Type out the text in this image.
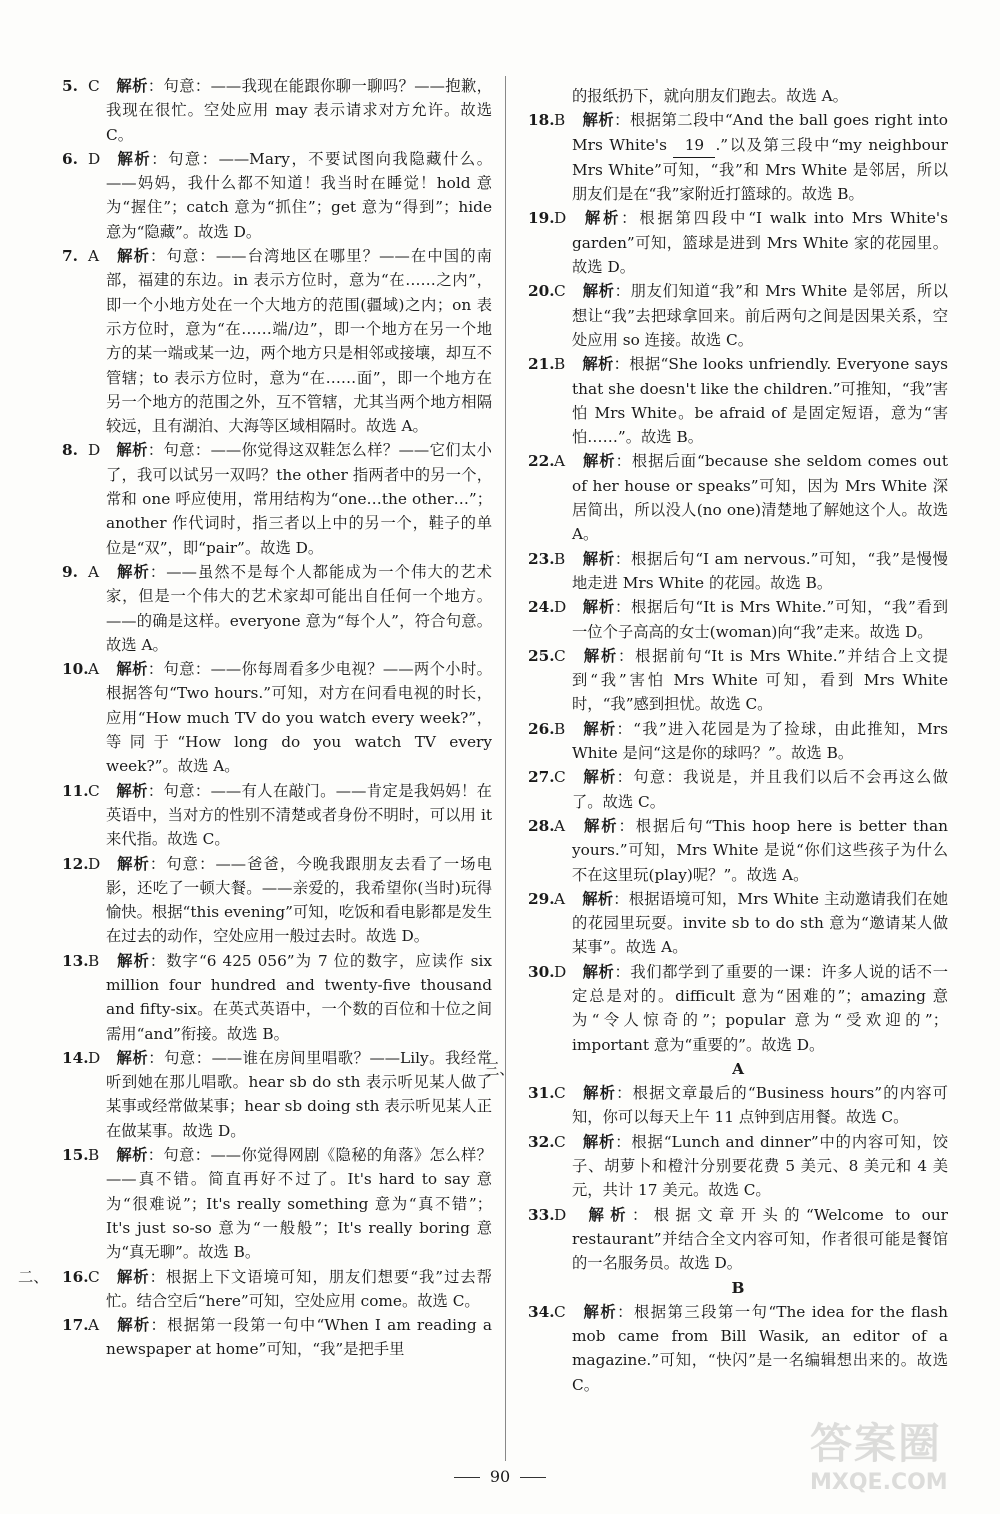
5. C 解析：句意：——我现在能跟你聊一聊吗？——抱歉，我现在很忙。空处应用 may 表示请求对方允许。故选 C。

6. D 解析：句意：——Mary，不要试图向我隐藏什么。——妈妈，我什么都不知道！我当时在睡觉！hold 意为“握住”；catch 意为“抓住”；get 意为“得到”；hide 意为“隐藏”。故选 D。

7. A 解析：句意：——台湾地区在哪里？——在中国的南部，福建的东边。in 表示方位时，意为“在……之内”，即一个小地方处在一个大地方的范围(疆域)之内；on 表示方位时，意为“在……端/边”，即一个地方在另一个地方的某一端或某一边，两个地方只是相邻或接壤，却互不管辖；to 表示方位时，意为“在……面”，即一个地方在另一个地方的范围之外，互不管辖，尤其当两个地方相隔较远，且有湖泊、大海等区域相隔时。故选 A。

8. D 解析：句意：——你觉得这双鞋怎么样？——它们太小了，我可以试另一双吗？the other 指两者中的另一个，常和 one 呼应使用，常用结构为“one…the other…”；another 作代词时，指三者以上中的另一个，鞋子的单位是“双”，即“pair”。故选 D。

9. A 解析：——虽然不是每个人都能成为一个伟大的艺术家，但是一个伟大的艺术家却可能出自任何一个地方。——的确是这样。everyone 意为“每个人”，符合句意。故选 A。

10.A 解析：句意：——你每周看多少电视？——两个小时。根据答句“Two hours.”可知，对方在问看电视的时长，应用“How much TV do you watch every week?”，等同于“How long do you watch TV every week?”。故选 A。

11.C 解析：句意：——有人在敲门。——肯定是我妈妈！在英语中，当对方的性别不清楚或者身份不明时，可以用 it 来代指。故选 C。

12.D 解析：句意：——爸爸，今晚我跟朋友去看了一场电影，还吃了一顿大餐。——亲爱的，我希望你(当时)玩得愉快。根据“this evening”可知，吃饭和看电影都是发生在过去的动作，空处应用一般过去时。故选 D。

13.B 解析：数字“6 425 056”为 7 位的数字，应读作 six million four hundred and twenty-five thousand and fifty-six。在英式英语中，一个数的百位和十位之间需用“and”衔接。故选 B。

14.D 解析：句意：——谁在房间里唱歌？——Lily。我经常听到她在那儿唱歌。hear sb do sth 表示听见某人做了某事或经常做某事；hear sb doing sth 表示听见某人正在做某事。故选 D。

15.B 解析：句意：——你觉得网剧《隐秘的角落》怎么样？——真不错。简直再好不过了。It's hard to say 意为“很难说”；It's really something 意为“真不错”；It's just so-so 意为“一般般”；It's really boring 意为“真无聊”。故选 B。

二、 16.C 解析：根据上下文语境可知，朋友们想要“我”过去帮忙。结合空后“here”可知，空处应用 come。故选 C。

17.A 解析：根据第一段第一句中“When I am reading a newspaper at home”可知，“我”是把手里

的报纸扔下，就向朋友们跑去。故选 A。

18.B 解析：根据第二段中“And the ball goes right into Mrs White's 19 .”以及第三段中“my neighbour Mrs White”可知，“我”和 Mrs White 是邻居，所以朋友们是在“我”家附近打篮球的。故选 B。

19.D 解析：根据第四段中“I walk into Mrs White's garden”可知，篮球是进到 Mrs White 家的花园里。故选 D。

20.C 解析：朋友们知道“我”和 Mrs White 是邻居，所以想让“我”去把球拿回来。前后两句之间是因果关系，空处应用 so 连接。故选 C。

21.B 解析：根据“She looks unfriendly. Everyone says that she doesn't like the children.”可推知，“我”害怕 Mrs White。be afraid of 是固定短语，意为“害怕……”。故选 B。

22.A 解析：根据后面“because she seldom comes out of her house or speaks”可知，因为 Mrs White 深居简出，所以没人(no one)清楚地了解她这个人。故选 A。

23.B 解析：根据后句“I am nervous.”可知，“我”是慢慢地走进 Mrs White 的花园。故选 B。

24.D 解析：根据后句“It is Mrs White.”可知，“我”看到一位个子高高的女士(woman)向“我”走来。故选 D。

25.C 解析：根据前句“It is Mrs White.”并结合上文提到“我”害怕 Mrs White 可知，看到 Mrs White 时，“我”感到担忧。故选 C。

26.B 解析：“我”进入花园是为了捡球，由此推知，Mrs White 是问“这是你的球吗？”。故选 B。

27.C 解析：句意：我说是，并且我们以后不会再这么做了。故选 C。

28.A 解析：根据后句“This hoop here is better than yours.”可知，Mrs White 是说“你们这些孩子为什么不在这里玩(play)呢？”。故选 A。

29.A 解析：根据语境可知，Mrs White 主动邀请我们在她的花园里玩耍。invite sb to do sth 意为“邀请某人做某事”。故选 A。

30.D 解析：我们都学到了重要的一课：许多人说的话不一定总是对的。difficult 意为“困难的”；amazing 意为“令人惊奇的”；popular 意为“受欢迎的”；important 意为“重要的”。故选 D。

三、	A

31.C 解析：根据文章最后的“Business hours”的内容可知，你可以每天上午 11 点钟到店用餐。故选 C。

32.C 解析：根据“Lunch and dinner”中的内容可知，饺子、胡萝卜和橙汁分别要花费 5 美元、8 美元和 4 美元，共计 17 美元。故选 C。

33.D 解析：根据文章开头的“Welcome to our restaurant”并结合全文内容可知，作者很可能是餐馆的一名服务员。故选 D。

B

34.C 解析：根据第三段第一句“The idea for the flash mob came from Bill Wasik, an editor of a magazine.”可知，“快闪”是一名编辑想出来的。故选 C。

90
答案圈
MXQE.COM
